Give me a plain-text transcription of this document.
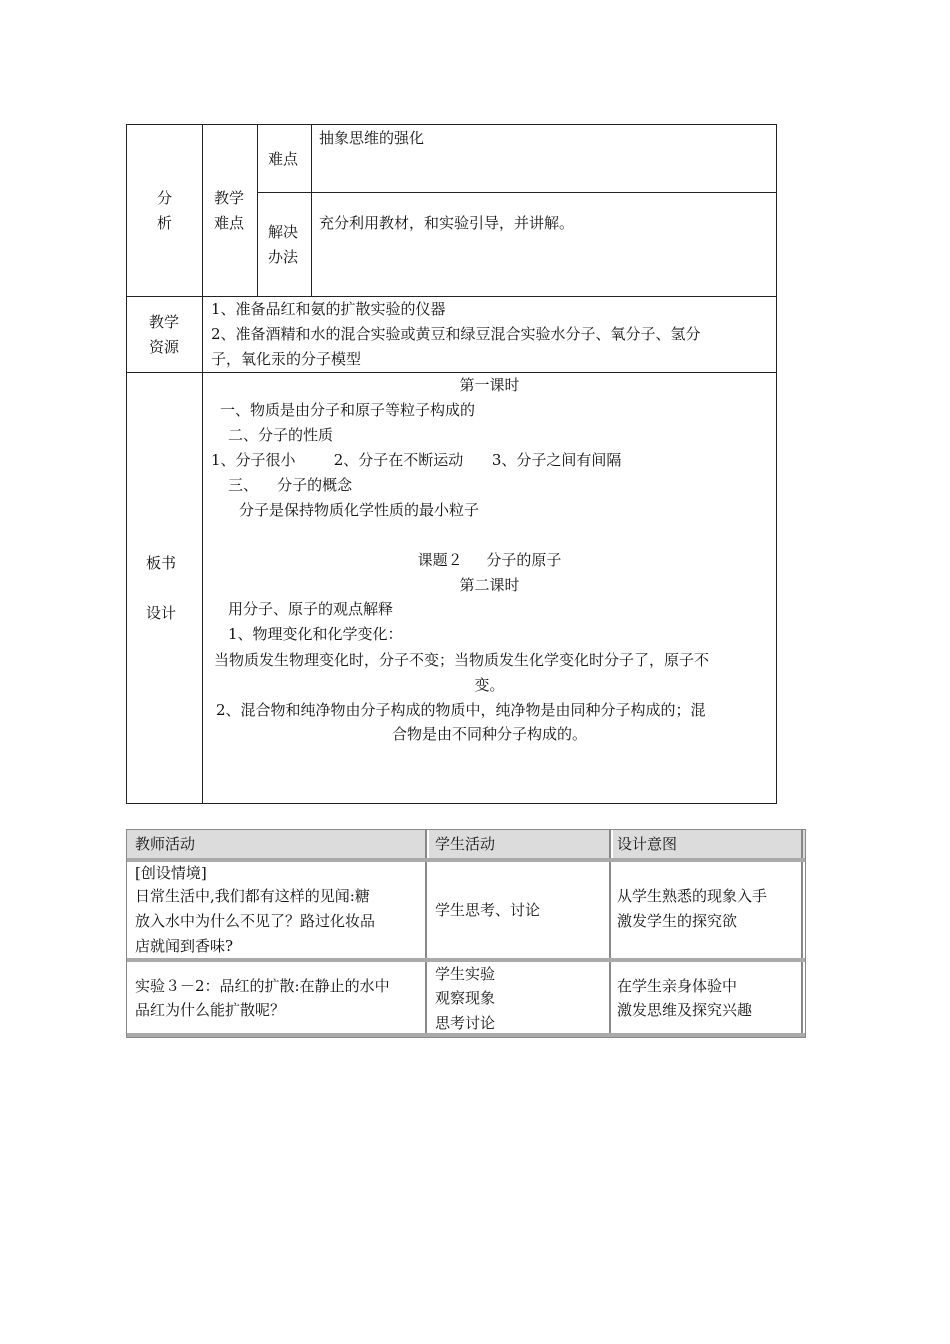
分
析
教学
难点
难点
抽象思维的强化
解决
办法
充分利用教材，和实验引导，并讲解。
教学
资源
1、准备品红和氨的扩散实验的仪器
2、准备酒精和水的混合实验或黄豆和绿豆混合实验水分子、氧分子、氢分
子，氧化汞的分子模型
板书
设计
第一课时
一、物质是由分子和原子等粒子构成的
二、分子的性质
1、分子很小        2、分子在不断运动      3、分子之间有间隔
三、    分子的概念
分子是保持物质化学性质的最小粒子
课题２     分子的原子
第二课时
用分子、原子的观点解释
1、物理变化和化学变化：
当物质发生物理变化时，分子不变；当物质发生化学变化时分子了，原子不
变。
2、混合物和纯净物由分子构成的物质中，纯净物是由同种分子构成的；混
合物是由不同种分子构成的。
教师活动	学生活动	设计意图
[创设情境]
日常生活中,我们都有这样的见闻:糖
放入水中为什么不见了？路过化妆品
店就闻到香味?
学生思考、讨论
从学生熟悉的现象入手
激发学生的探究欲
实验３－2：品红的扩散:在静止的水中
品红为什么能扩散呢？
学生实验
观察现象
思考讨论
在学生亲身体验中
激发思维及探究兴趣
